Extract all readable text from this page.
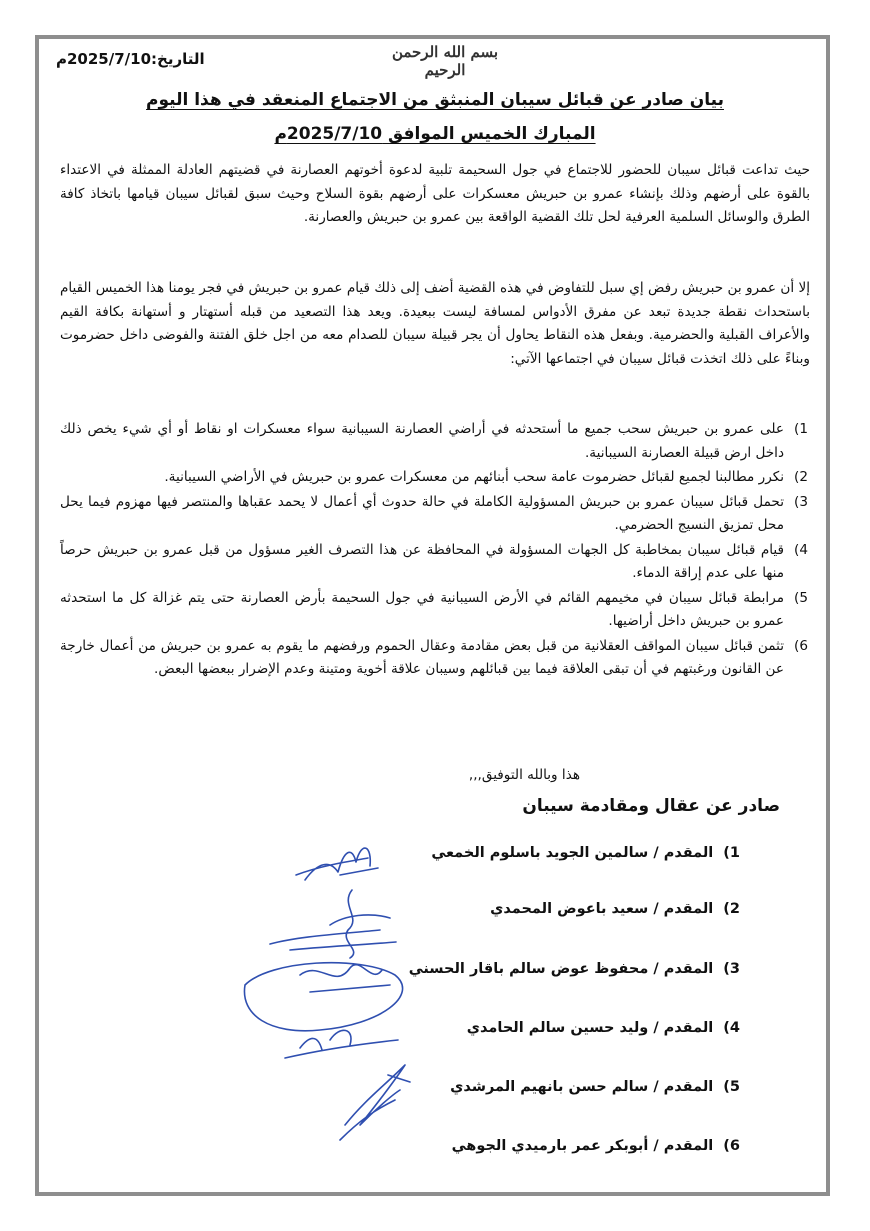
التاريخ:2025/7/10م	بسم الله الرحمن الرحيم
بيان صادر عن قبائل سيبان المنبثق من الاجتماع المنعقد في هذا اليوم
المبارك الخميس الموافق 2025/7/10م
حيث تداعت قبائل سيبان للحضور للاجتماع في جول السحيمة تلبية لدعوة أخوتهم العصارنة في قضيتهم العادلة الممثلة في الاعتداء بالقوة على أرضهم وذلك بإنشاء عمرو بن حبريش معسكرات على أرضهم بقوة السلاح وحيث سبق لقبائل سيبان قيامها باتخاذ كافة الطرق والوسائل السلمية العرفية لحل تلك القضية الواقعة بين عمرو بن حبريش والعصارنة.
إلا أن عمرو بن حبريش رفض إي سبل للتفاوض في هذه القضية أضف إلى ذلك قيام عمرو بن حبريش في فجر يومنا هذا الخميس القيام باستحداث نقطة جديدة تبعد عن مفرق الأدواس لمسافة ليست ببعيدة. ويعد هذا التصعيد من قبله أستهتار و أستهانة بكافة القيم والأعراف القبلية والحضرمية. وبفعل هذه النقاط يحاول أن يجر قبيلة سيبان للصدام معه من اجل خلق الفتنة والفوضى داخل حضرموت وبناءً على ذلك اتخذت قبائل سيبان في اجتماعها الآتي:
1)
على عمرو بن حبريش سحب جميع ما أستحدثه في أراضي العصارنة السيبانية سواء معسكرات او نقاط أو أي شيء يخص ذلك داخل ارض قبيلة العصارنة السيبانية.
2)
نكرر مطالبنا لجميع لقبائل حضرموت عامة سحب أبنائهم من معسكرات عمرو بن حبريش في الأراضي السيبانية.
3)
تحمل قبائل سيبان عمرو بن حبريش المسؤولية الكاملة في حالة حدوث أي أعمال لا يحمد عقباها والمنتصر فيها مهزوم فيما يحل محل تمزيق النسيج الحضرمي.
4)
قيام قبائل سيبان بمخاطبة كل الجهات المسؤولة في المحافظة عن هذا التصرف الغير مسؤول من قبل عمرو بن حبريش حرصاً منها على عدم إراقة الدماء.
5)
مرابطة قبائل سيبان في مخيمهم القائم في الأرض السيبانية في جول السحيمة بأرض العصارنة حتى يتم غزالة كل ما استحدثه عمرو بن حبريش داخل أراضيها.
6)
تثمن قبائل سيبان المواقف العقلانية من قبل بعض مقادمة وعقال الحموم ورفضهم ما يقوم به عمرو بن حبريش من أعمال خارجة عن القانون ورغبتهم في أن تبقى العلاقة فيما بين قبائلهم وسيبان علاقة أخوية ومتينة وعدم الإضرار ببعضها البعض.
هذا وبالله التوفيق,,,
صادر عن عقال ومقادمة سيبان
1)المقدم / سالمين الجويد باسلوم الخمعي
2)المقدم / سعيد باعوض المحمدي
3)المقدم / محفوظ عوض سالم باقار الحسني
4)المقدم / وليد حسين سالم الحامدي
5)المقدم / سالم حسن بانهيم المرشدي
6)المقدم / أبوبكر عمر بارميدي الجوهي
